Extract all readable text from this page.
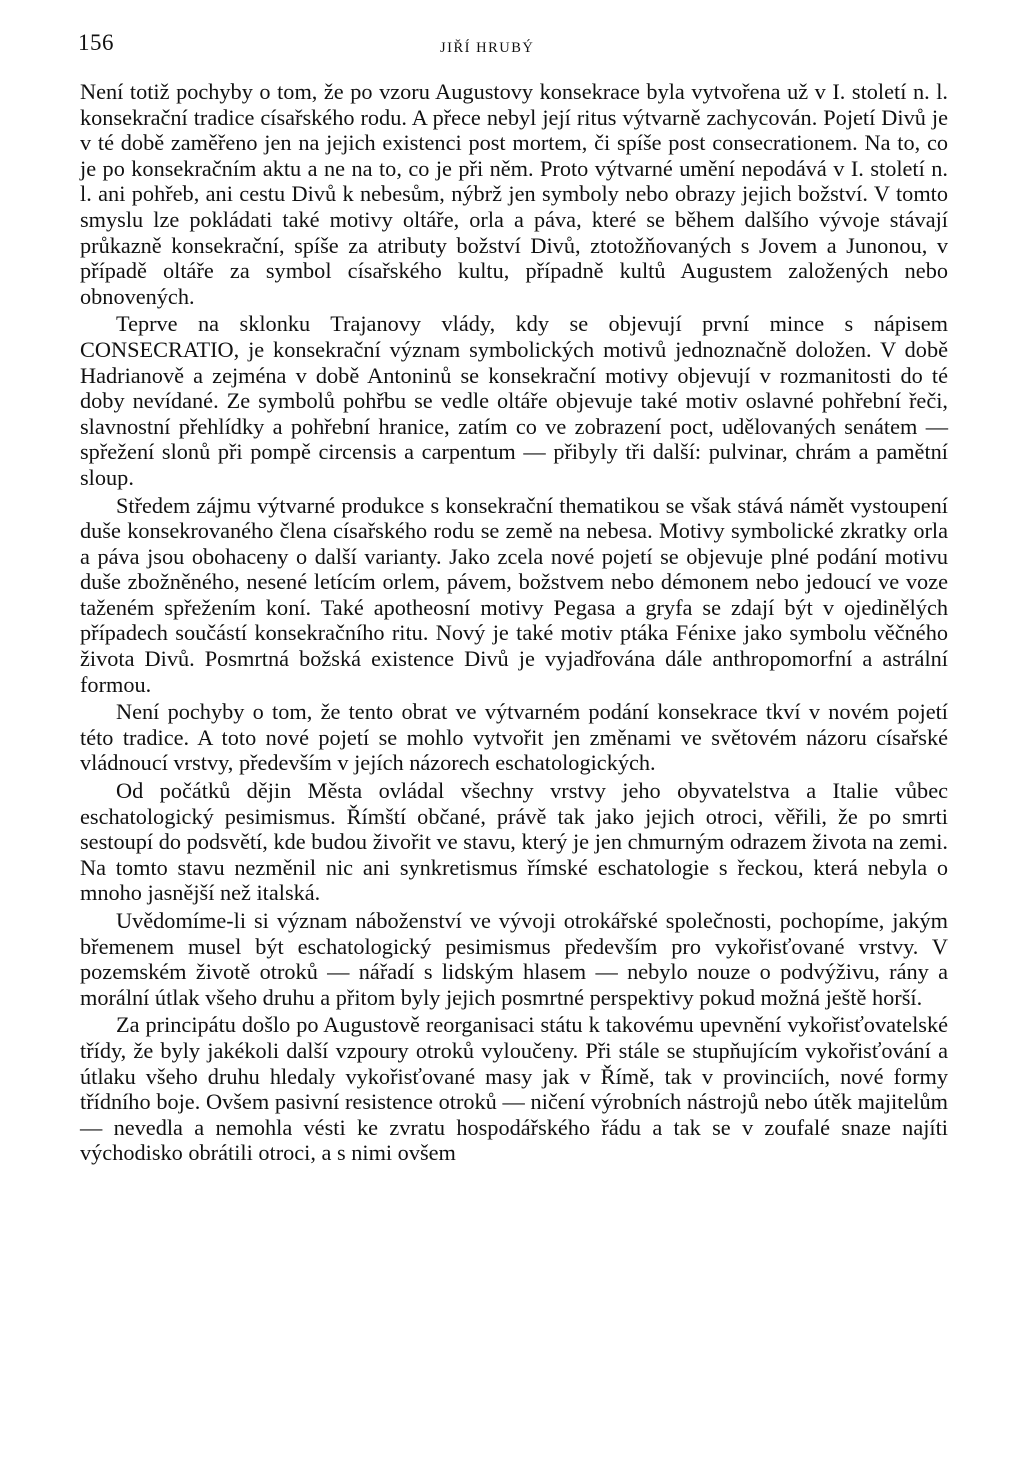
156	JIŘÍ HRUBÝ

Není totiž pochyby o tom, že po vzoru Augustovy konsekrace byla vytvořena už v I. století n. l. konsekrační tradice císařského rodu. A přece nebyl její ritus výtvarně zachycován. Pojetí Divů je v té době zaměřeno jen na jejich existenci post mortem, či spíše post consecrationem. Na to, co je po konsekračním aktu a ne na to, co je při něm. Proto výtvarné umění nepodává v I. století n. l. ani pohřeb, ani cestu Divů k nebesům, nýbrž jen symboly nebo obrazy jejich božství. V tomto smyslu lze pokládati také motivy oltáře, orla a páva, které se během dalšího vývoje stávají průkazně konsekrační, spíše za atributy božství Divů, ztotožňovaných s Jovem a Junonou, v případě oltáře za symbol císařského kultu, případně kultů Augustem založených nebo obnovených.

Teprve na sklonku Trajanovy vlády, kdy se objevují první mince s nápisem CONSECRATIO, je konsekrační význam symbolických motivů jednoznačně doložen. V době Hadrianově a zejména v době Antoninů se konsekrační motivy objevují v rozmanitosti do té doby nevídané. Ze symbolů pohřbu se vedle oltáře objevuje také motiv oslavné pohřební řeči, slavnostní přehlídky a pohřební hranice, zatím co ve zobrazení poct, udělovaných senátem — spřežení slonů při pompě circensis a carpentum — přibyly tři další: pulvinar, chrám a pamětní sloup.

Středem zájmu výtvarné produkce s konsekrační thematikou se však stává námět vystoupení duše konsekrovaného člena císařského rodu se země na nebesa. Motivy symbolické zkratky orla a páva jsou obohaceny o další varianty. Jako zcela nové pojetí se objevuje plné podání motivu duše zbožněného, nesené letícím orlem, pávem, božstvem nebo démonem nebo jedoucí ve voze taženém spřežením koní. Také apotheosní motivy Pegasa a gryfa se zdají být v ojedinělých případech součástí konsekračního ritu. Nový je také motiv ptáka Fénixe jako symbolu věčného života Divů. Posmrtná božská existence Divů je vyjadřována dále anthropomorfní a astrální formou.

Není pochyby o tom, že tento obrat ve výtvarném podání konsekrace tkví v novém pojetí této tradice. A toto nové pojetí se mohlo vytvořit jen změnami ve světovém názoru císařské vládnoucí vrstvy, především v jejích názorech eschatologických.

Od počátků dějin Města ovládal všechny vrstvy jeho obyvatelstva a Italie vůbec eschatologický pesimismus. Římští občané, právě tak jako jejich otroci, věřili, že po smrti sestoupí do podsvětí, kde budou živořit ve stavu, který je jen chmurným odrazem života na zemi. Na tomto stavu nezměnil nic ani synkretismus římské eschatologie s řeckou, která nebyla o mnoho jasnější než italská.

Uvědomíme-li si význam náboženství ve vývoji otrokářské společnosti, pochopíme, jakým břemenem musel být eschatologický pesimismus především pro vykořisťované vrstvy. V pozemském životě otroků — nářadí s lidským hlasem — nebylo nouze o podvýživu, rány a morální útlak všeho druhu a přitom byly jejich posmrtné perspektivy pokud možná ještě horší.

Za principátu došlo po Augustově reorganisaci státu k takovému upevnění vykořisťovatelské třídy, že byly jakékoli další vzpoury otroků vyloučeny. Při stále se stupňujícím vykořisťování a útlaku všeho druhu hledaly vykořisťované masy jak v Římě, tak v provinciích, nové formy třídního boje. Ovšem pasivní resistence otroků — ničení výrobních nástrojů nebo útěk majitelům — nevedla a nemohla vésti ke zvratu hospodářského řádu a tak se v zoufalé snaze najíti východisko obrátili otroci, a s nimi ovšem
